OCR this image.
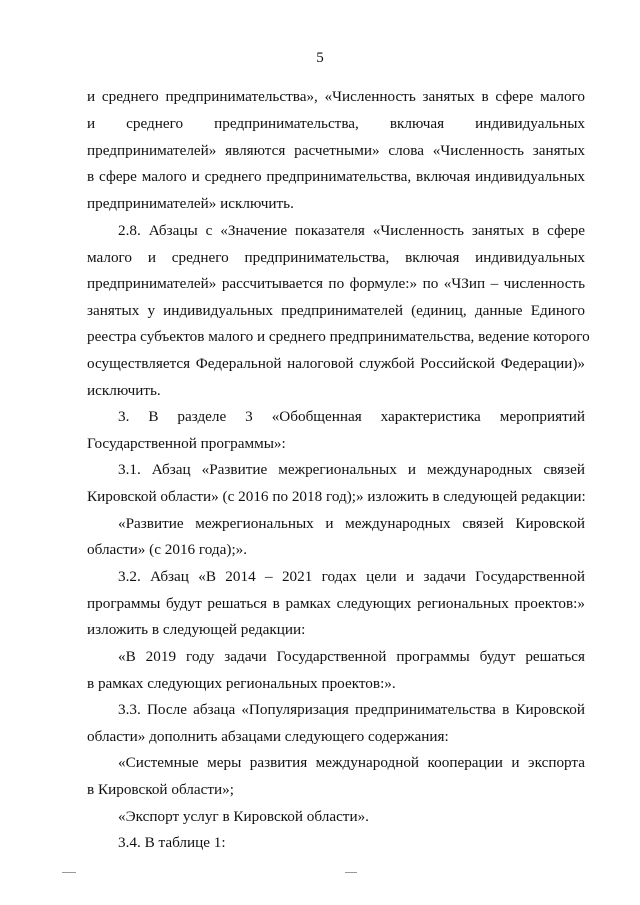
5
и среднего предпринимательства», «Численность занятых в сфере малого
и среднего предпринимательства, включая индивидуальных
предпринимателей» являются расчетными» слова «Численность занятых
в сфере малого и среднего предпринимательства, включая индивидуальных
предпринимателей» исключить.
2.8. Абзацы с «Значение показателя «Численность занятых в сфере
малого и среднего предпринимательства, включая индивидуальных
предпринимателей» рассчитывается по формуле:» по «ЧЗип – численность
занятых у индивидуальных предпринимателей (единиц, данные Единого
реестра субъектов малого и среднего предпринимательства, ведение которого
осуществляется Федеральной налоговой службой Российской Федерации)»
исключить.
3. В разделе 3 «Обобщенная характеристика мероприятий
Государственной программы»:
3.1. Абзац «Развитие межрегиональных и международных связей
Кировской области» (с 2016 по 2018 год);» изложить в следующей редакции:
«Развитие межрегиональных и международных связей Кировской
области» (с 2016 года);».
3.2. Абзац «В 2014 – 2021 годах цели и задачи Государственной
программы будут решаться в рамках следующих региональных проектов:»
изложить в следующей редакции:
«В 2019 году задачи Государственной программы будут решаться
в рамках следующих региональных проектов:».
3.3. После абзаца «Популяризация предпринимательства в Кировской
области» дополнить абзацами следующего содержания:
«Системные меры развития международной кооперации и экспорта
в Кировской области»;
«Экспорт услуг в Кировской области».
3.4. В таблице 1:
